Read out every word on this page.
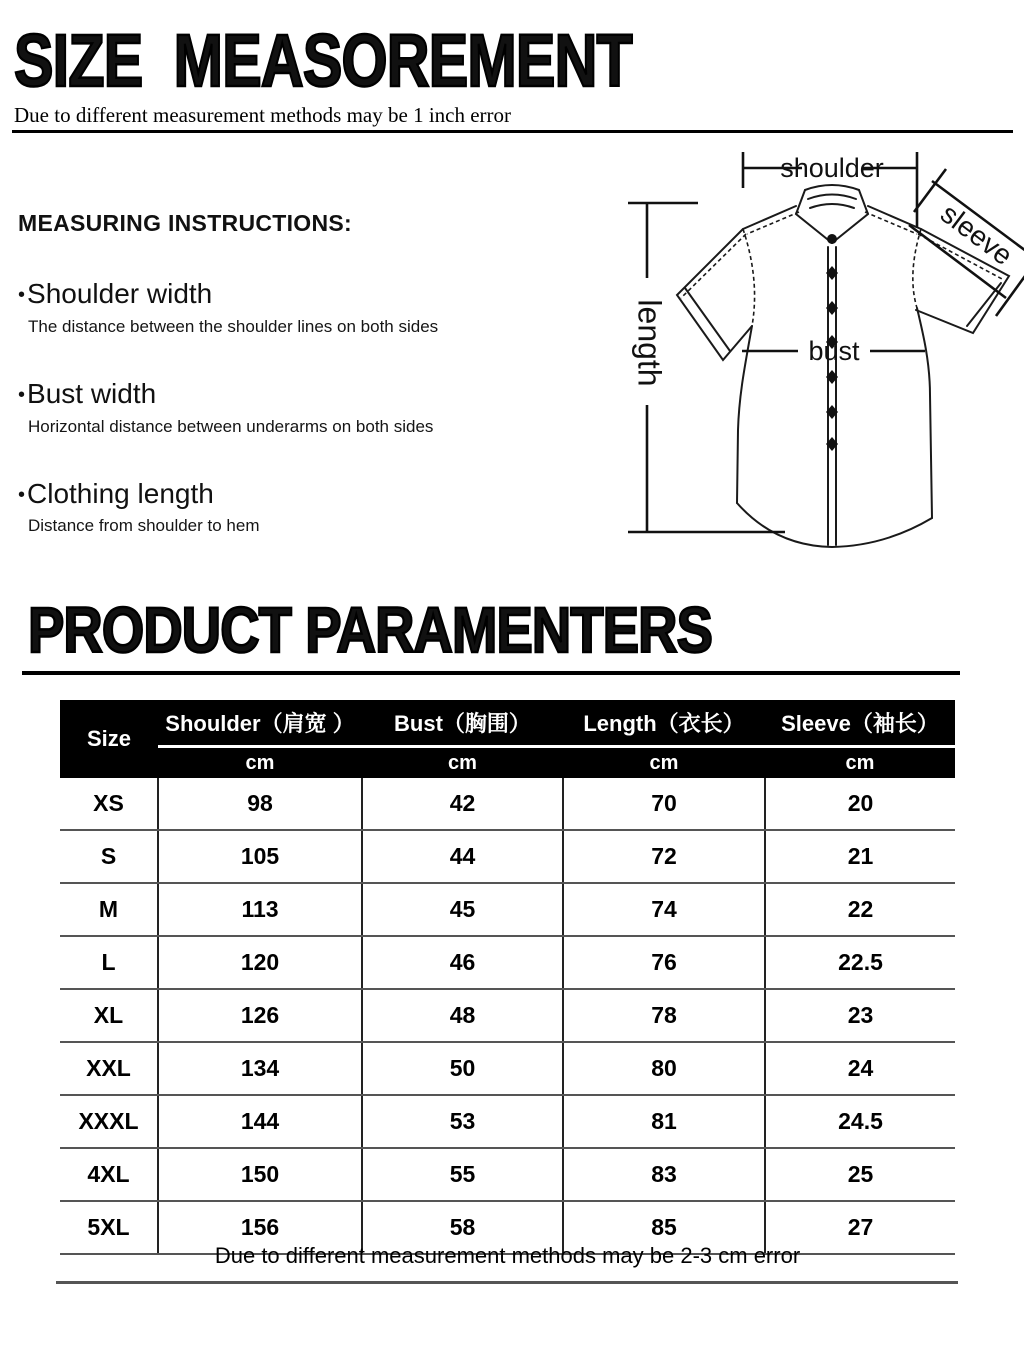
SIZE  MEASOREMENT

Due to different measurement methods may be 1 inch error

MEASURING INSTRUCTIONS:

•Shoulder width
The distance between the shoulder lines on both sides
•Bust width
Horizontal distance between underarms on both sides
•Clothing length
Distance from shoulder to hem
shoulder
bust
length
sleeve
PRODUCT PARAMENTERS
Size	Shoulder（肩宽 ）	Bust（胸围）	Length（衣长）	Sleeve（袖长）
	cm	cm	cm	cm
XS	98	42	70	20
S	105	44	72	21
M	113	45	74	22
L	120	46	76	22.5
XL	126	48	78	23
XXL	134	50	80	24
XXXL	144	53	81	24.5
4XL	150	55	83	25
5XL	156	58	85	27
Due to different measurement methods may be 2-3 cm error
